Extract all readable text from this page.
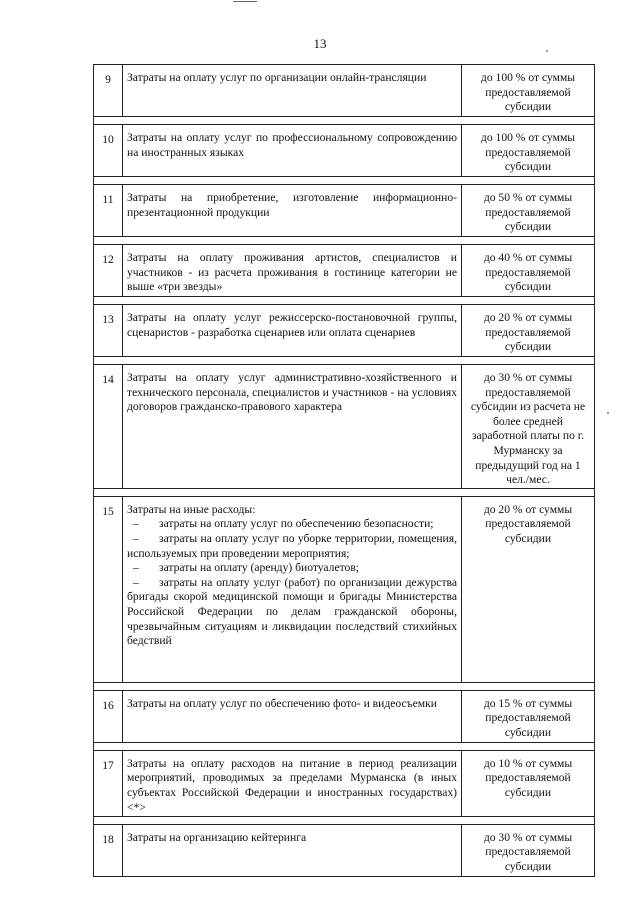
13
9	Затраты на оплату услуг по организации онлайн-трансляции	до 100 % от суммы предоставляемой субсидии

10	Затраты на оплату услуг по профессиональному сопровождению на иностранных языках	до 100 % от суммы предоставляемой субсидии

11	Затраты на приобретение, изготовление информационно-презентационной продукции	до 50 % от суммы предоставляемой субсидии

12	Затраты на оплату проживания артистов, специалистов и участников - из расчета проживания в гостинице категории не выше «три звезды»	до 40 % от суммы предоставляемой субсидии

13	Затраты на оплату услуг режиссерско-постановочной группы, сценаристов - разработка сценариев или оплата сценариев	до 20 % от суммы предоставляемой субсидии

14	Затраты на оплату услуг административно-хозяйственного и технического персонала, специалистов и участников - на условиях договоров гражданско-правового характера	до 30 % от суммы предоставляемой субсидии из расчета не более средней заработной платы по г. Мурманску за предыдущий год на 1 чел./мес.

15	Затраты на иные расходы:
– затраты на оплату услуг по обеспечению безопасности;
– затраты на оплату услуг по уборке территории, помещения, используемых при проведении мероприятия;
– затраты на оплату (аренду) биотуалетов;
– затраты на оплату услуг (работ) по организации дежурства бригады скорой медицинской помощи и бригады Министерства Российской Федерации по делам гражданской обороны, чрезвычайным ситуациям и ликвидации последствий стихийных бедствий	до 20 % от суммы предоставляемой субсидии

16	Затраты на оплату услуг по обеспечению фото- и видеосъемки	до 15 % от суммы предоставляемой субсидии

17	Затраты на оплату расходов на питание в период реализации мероприятий, проводимых за пределами Мурманска (в иных субъектах Российской Федерации и иностранных государствах) <*>	до 10 % от суммы предоставляемой субсидии

18	Затраты на организацию кейтеринга	до 30 % от суммы предоставляемой субсидии
